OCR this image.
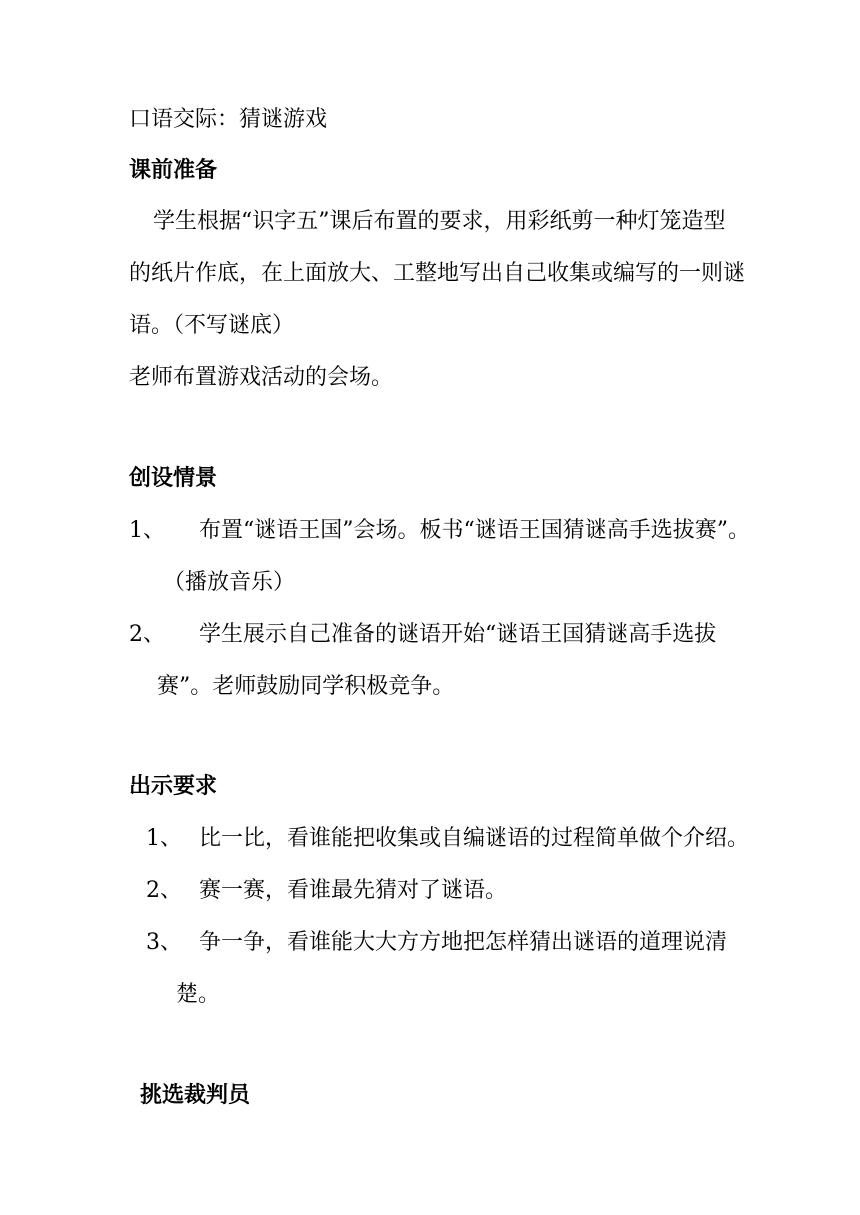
口语交际：猜谜游戏
课前准备
学生根据“识字五”课后布置的要求，用彩纸剪一种灯笼造型
的纸片作底，在上面放大、工整地写出自己收集或编写的一则谜
语。（不写谜底）
老师布置游戏活动的会场。
创设情景
1、 布置“谜语王国”会场。板书“谜语王国猜谜高手选拔赛”。
（播放音乐）
2、 学生展示自己准备的谜语开始“谜语王国猜谜高手选拔
赛”。老师鼓励同学积极竞争。
出示要求
1、 比一比，看谁能把收集或自编谜语的过程简单做个介绍。
2、 赛一赛，看谁最先猜对了谜语。
3、 争一争，看谁能大大方方地把怎样猜出谜语的道理说清
楚。
挑选裁判员
